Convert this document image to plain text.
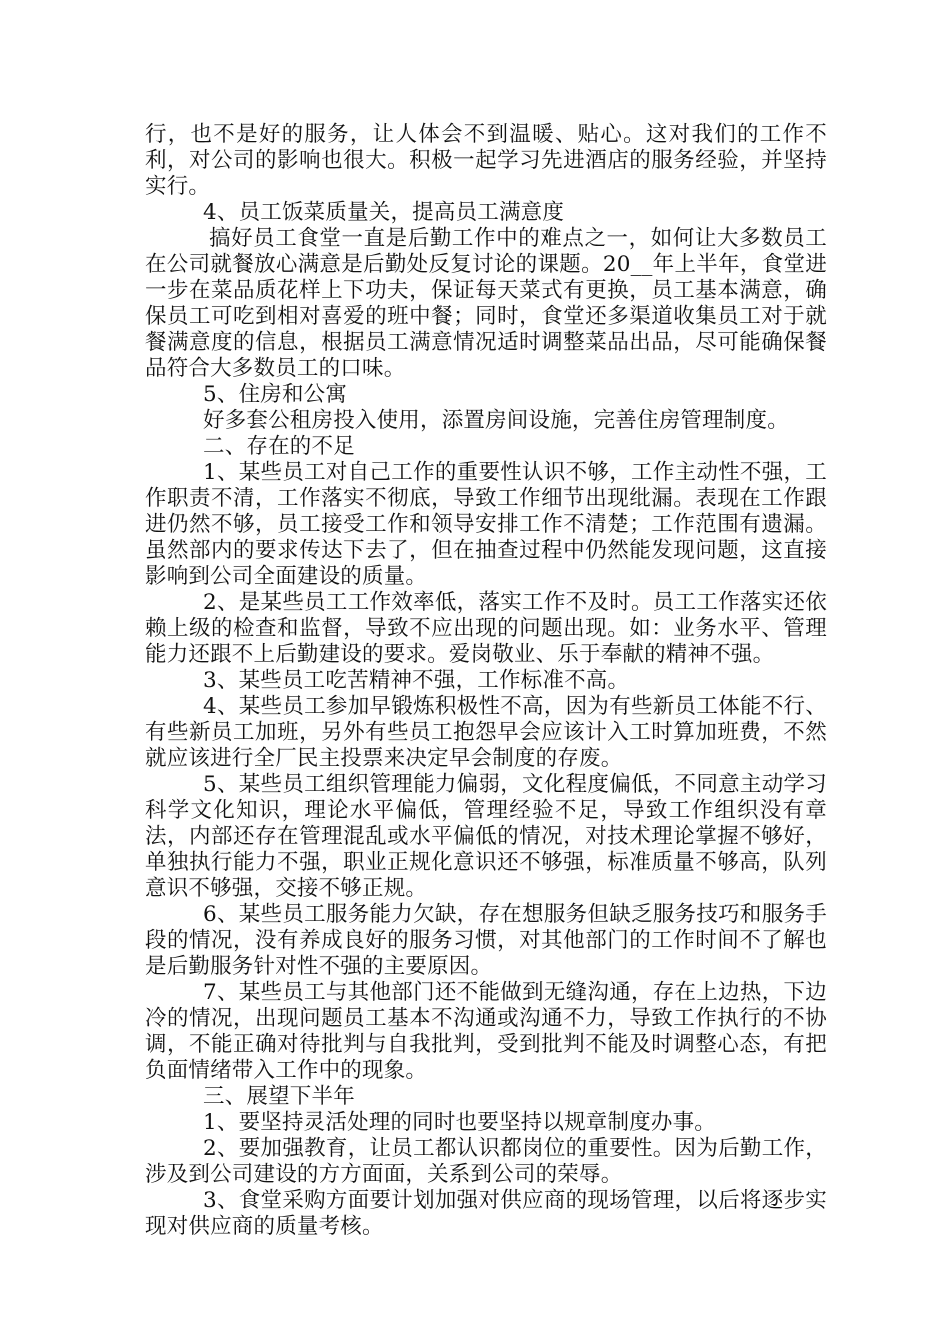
行，也不是好的服务，让人体会不到温暖、贴心。这对我们的工作不利，对公司的影响也很大。积极一起学习先进酒店的服务经验，并坚持实行。

4、员工饭菜质量关，提高员工满意度

搞好员工食堂一直是后勤工作中的难点之一，如何让大多数员工在公司就餐放心满意是后勤处反复讨论的课题。20__年上半年，食堂进一步在菜品质花样上下功夫，保证每天菜式有更换，员工基本满意，确保员工可吃到相对喜爱的班中餐；同时，食堂还多渠道收集员工对于就餐满意度的信息，根据员工满意情况适时调整菜品出品，尽可能确保餐品符合大多数员工的口味。

5、住房和公寓

好多套公租房投入使用，添置房间设施，完善住房管理制度。

二、存在的不足

1、某些员工对自己工作的重要性认识不够，工作主动性不强，工作职责不清，工作落实不彻底，导致工作细节出现纰漏。表现在工作跟进仍然不够，员工接受工作和领导安排工作不清楚；工作范围有遗漏。虽然部内的要求传达下去了，但在抽查过程中仍然能发现问题，这直接影响到公司全面建设的质量。

2、是某些员工工作效率低，落实工作不及时。员工工作落实还依赖上级的检查和监督，导致不应出现的问题出现。如：业务水平、管理能力还跟不上后勤建设的要求。爱岗敬业、乐于奉献的精神不强。

3、某些员工吃苦精神不强，工作标准不高。

4、某些员工参加早锻炼积极性不高，因为有些新员工体能不行、有些新员工加班，另外有些员工抱怨早会应该计入工时算加班费，不然就应该进行全厂民主投票来决定早会制度的存废。

5、某些员工组织管理能力偏弱，文化程度偏低，不同意主动学习科学文化知识，理论水平偏低，管理经验不足，导致工作组织没有章法，内部还存在管理混乱或水平偏低的情况，对技术理论掌握不够好，单独执行能力不强，职业正规化意识还不够强，标准质量不够高，队列意识不够强，交接不够正规。

6、某些员工服务能力欠缺，存在想服务但缺乏服务技巧和服务手段的情况，没有养成良好的服务习惯，对其他部门的工作时间不了解也是后勤服务针对性不强的主要原因。

7、某些员工与其他部门还不能做到无缝沟通，存在上边热，下边冷的情况，出现问题员工基本不沟通或沟通不力，导致工作执行的不协调，不能正确对待批判与自我批判，受到批判不能及时调整心态，有把负面情绪带入工作中的现象。

三、展望下半年

1、要坚持灵活处理的同时也要坚持以规章制度办事。

2、要加强教育，让员工都认识都岗位的重要性。因为后勤工作，涉及到公司建设的方方面面，关系到公司的荣辱。

3、食堂采购方面要计划加强对供应商的现场管理，以后将逐步实现对供应商的质量考核。
